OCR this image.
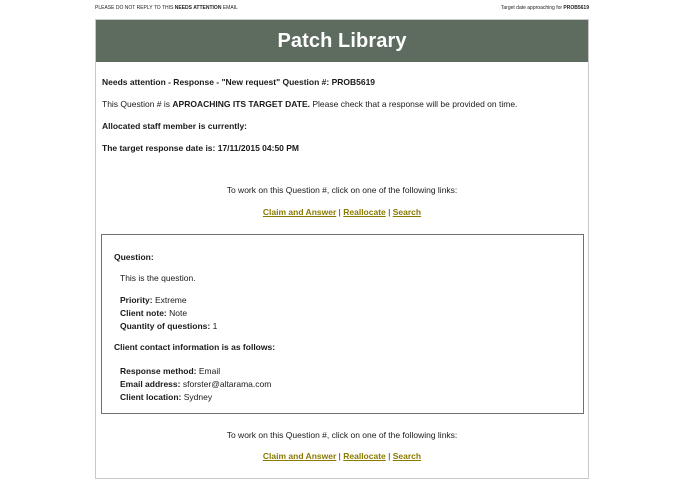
PLEASE DO NOT REPLY TO THIS NEEDS ATTENTION EMAIL	Target date approaching for PROB5619
Patch Library
Needs attention - Response - "New request" Question #: PROB5619
This Question # is APROACHING ITS TARGET DATE. Please check that a response will be provided on time.
Allocated staff member is currently:
The target response date is: 17/11/2015 04:50 PM
To work on this Question #, click on one of the following links:
Claim and Answer | Reallocate | Search
Question:
This is the question.
Priority: Extreme
Client note: Note
Quantity of questions: 1
Client contact information is as follows:
Response method: Email
Email address: sforster@altarama.com
Client location: Sydney
To work on this Question #, click on one of the following links:
Claim and Answer | Reallocate | Search
